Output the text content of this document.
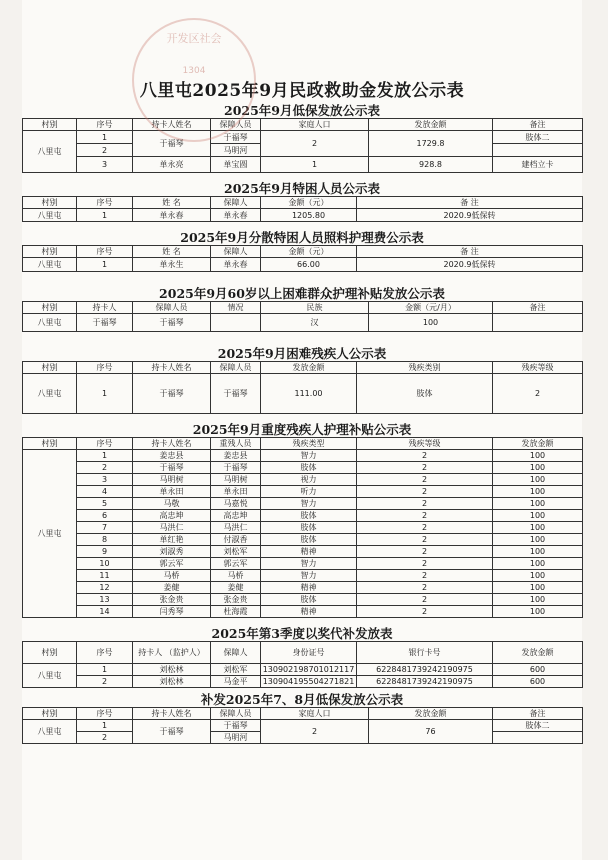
开发区社会
1304
八里屯2025年9月民政救助金发放公示表
2025年9月低保发放公示表
村别	序号	持卡人姓名	保障人员	家庭人口	发放金额	备注
八里屯	1	于福琴	于福琴	2	1729.8	肢体二
	2		马明河			
	3	单永亮	单宝圆	1	928.8	建档立卡
2025年9月特困人员公示表
村别	序号	姓 名	保障人	金额（元）	备 注
八里屯	1	单永春	单永春	1205.80	2020.9低保转
2025年9月分散特困人员照料护理费公示表
村别	序号	姓 名	保障人	金额（元）	备 注
八里屯	1	单永生	单永春	66.00	2020.9低保转
2025年9月60岁以上困难群众护理补贴发放公示表
村别	持卡人	保障人员	情况	民族	金额（元/月）	备注
八里屯	于福琴	于福琴		汉	100	
2025年9月困难残疾人公示表
村别	序号	持卡人姓名	保障人员	发放金额	残疾类别	残疾等级
八里屯	1	于福琴	于福琴	111.00	肢体	2
2025年9月重度残疾人护理补贴公示表
村别	序号	持卡人姓名	重残人员	残疾类型	残疾等级	发放金额
八里屯	1	姜忠县	姜忠县	智力	2	100
	2	于福琴	于福琴	肢体	2	100
	3	马明树	马明树	视力	2	100
	4	单永田	单永田	听力	2	100
	5	马敬	马嘉悦	智力	2	100
	6	高忠坤	高忠坤	肢体	2	100
	7	马洪仁	马洪仁	肢体	2	100
	8	单红艳	付淑香	肢体	2	100
	9	刘淑秀	刘松军	精神	2	100
	10	郭云军	郭云军	智力	2	100
	11	马桥	马桥	智力	2	100
	12	姜健	姜健	精神	2	100
	13	张金贵	张金贵	肢体	2	100
	14	闫秀琴	杜海霞	精神	2	100
2025年第3季度以奖代补发放表
村别	序号	持卡人 （监护人）	保障人	身份证号	银行卡号	发放金额
八里屯	1	刘松林	刘松军	130902198701012117	6228481739242190975	600
	2	刘松林	马金平	130904195504271821	6228481739242190975	600
补发2025年7、8月低保发放公示表
村别	序号	持卡人姓名	保障人员	家庭人口	发放金额	备注
八里屯	1	于福琴	于福琴	2	76	肢体二
	2		马明河			
